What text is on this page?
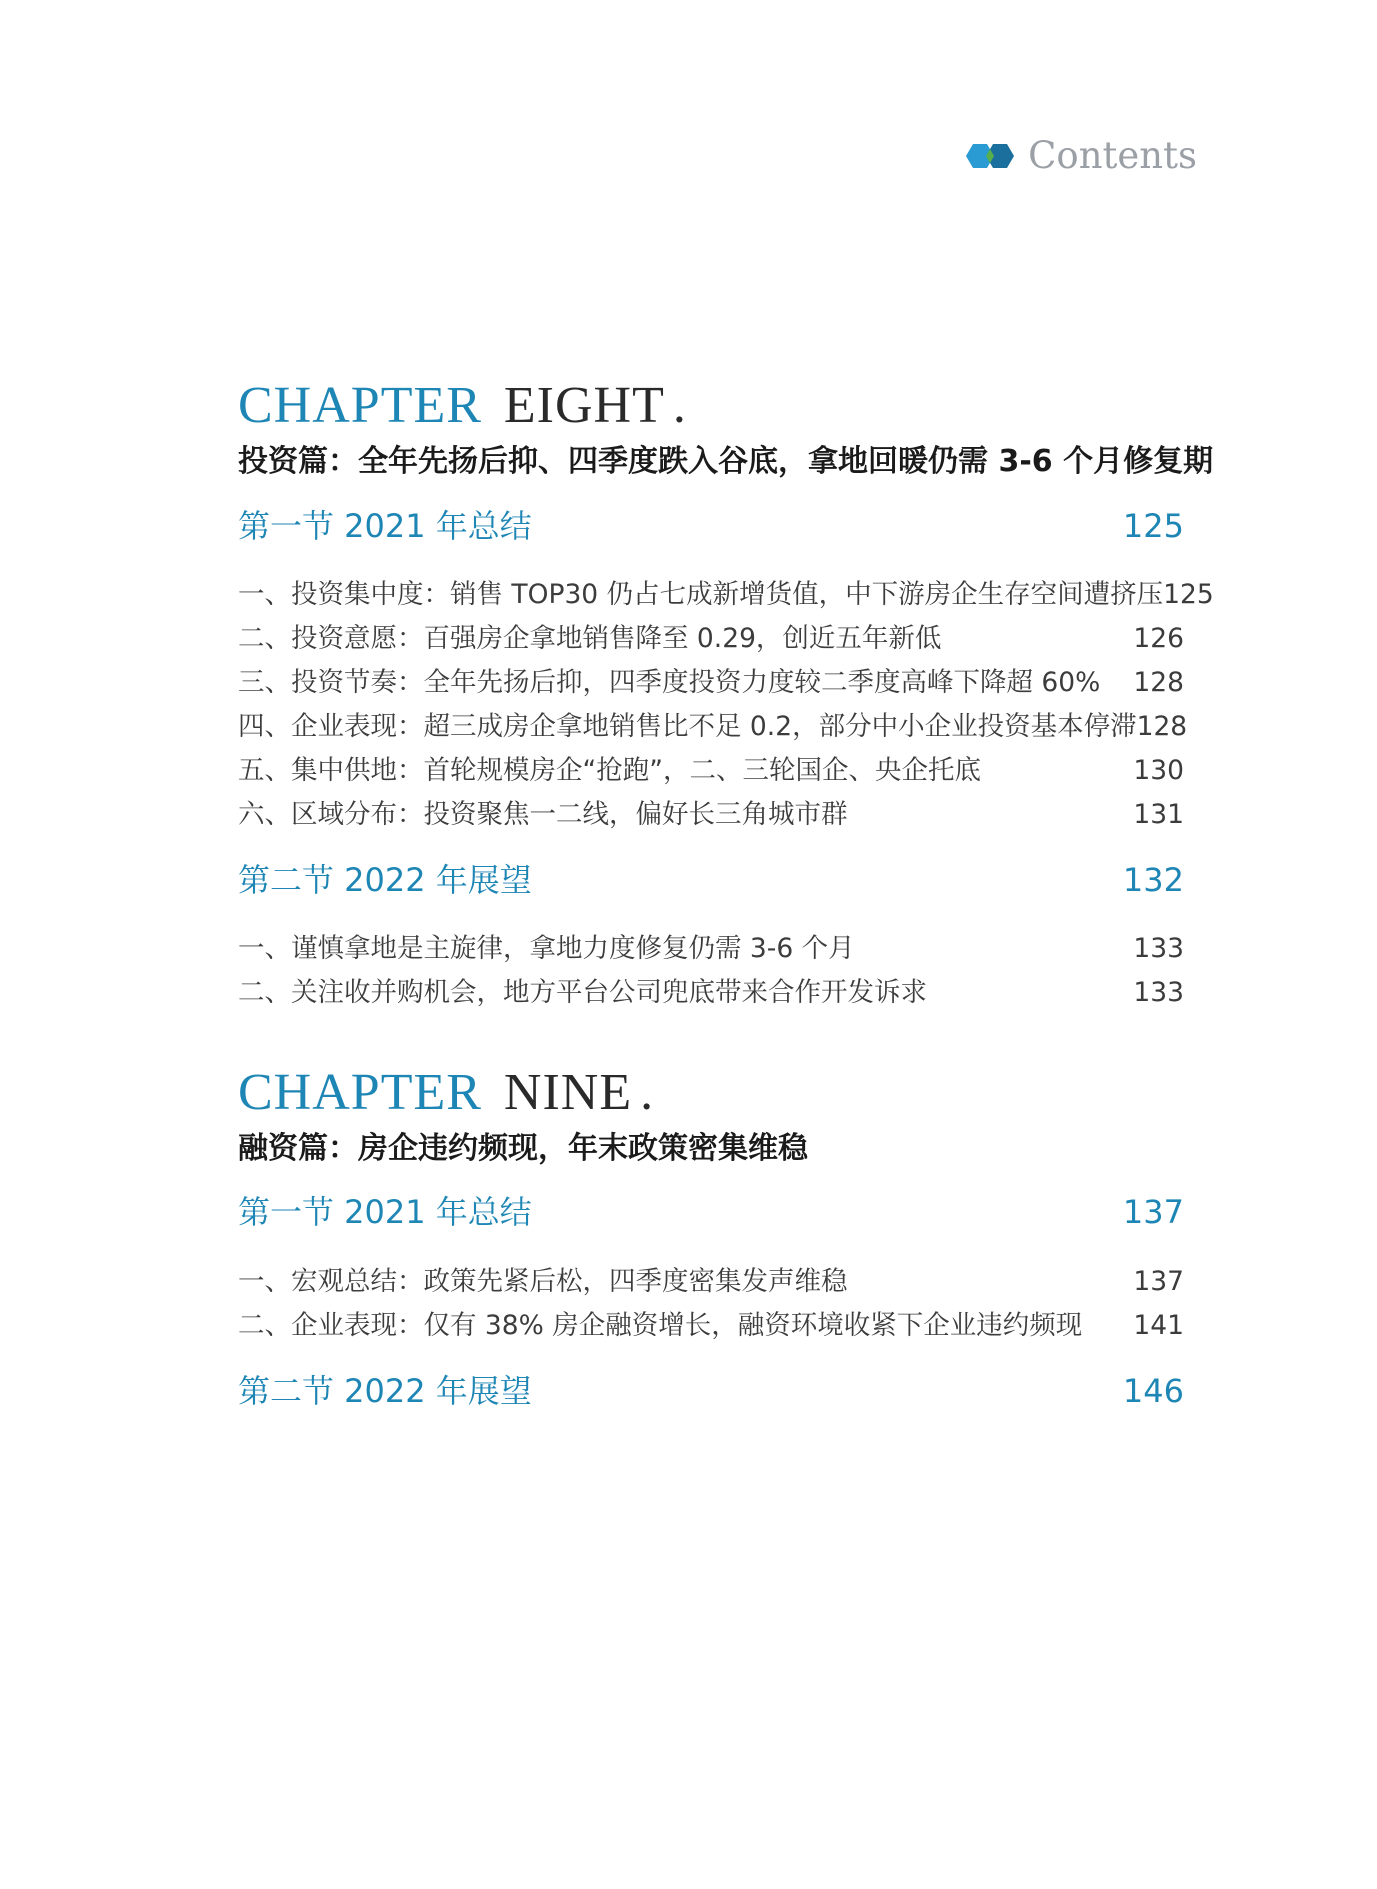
Contents
CHAPTER EIGHT .
投资篇：全年先扬后抑、四季度跌入谷底，拿地回暖仍需 3-6 个月修复期
第一节 2021 年总结	125
一、投资集中度：销售 TOP30 仍占七成新增货值，中下游房企生存空间遭挤压 125
二、投资意愿：百强房企拿地销售降至 0.29，创近五年新低	126
三、投资节奏：全年先扬后抑，四季度投资力度较二季度高峰下降超 60% 128
四、企业表现：超三成房企拿地销售比不足 0.2，部分中小企业投资基本停滞 128
五、集中供地：首轮规模房企“抢跑”，二、三轮国企、央企托底	130
六、区域分布：投资聚焦一二线，偏好长三角城市群	131
第二节 2022 年展望	132
一、谨慎拿地是主旋律，拿地力度修复仍需 3-6 个月	133
二、关注收并购机会，地方平台公司兜底带来合作开发诉求	133
CHAPTER NINE .
融资篇：房企违约频现，年末政策密集维稳
第一节 2021 年总结	137
一、宏观总结：政策先紧后松，四季度密集发声维稳	137
二、企业表现：仅有 38% 房企融资增长，融资环境收紧下企业违约频现 141
第二节 2022 年展望	146
